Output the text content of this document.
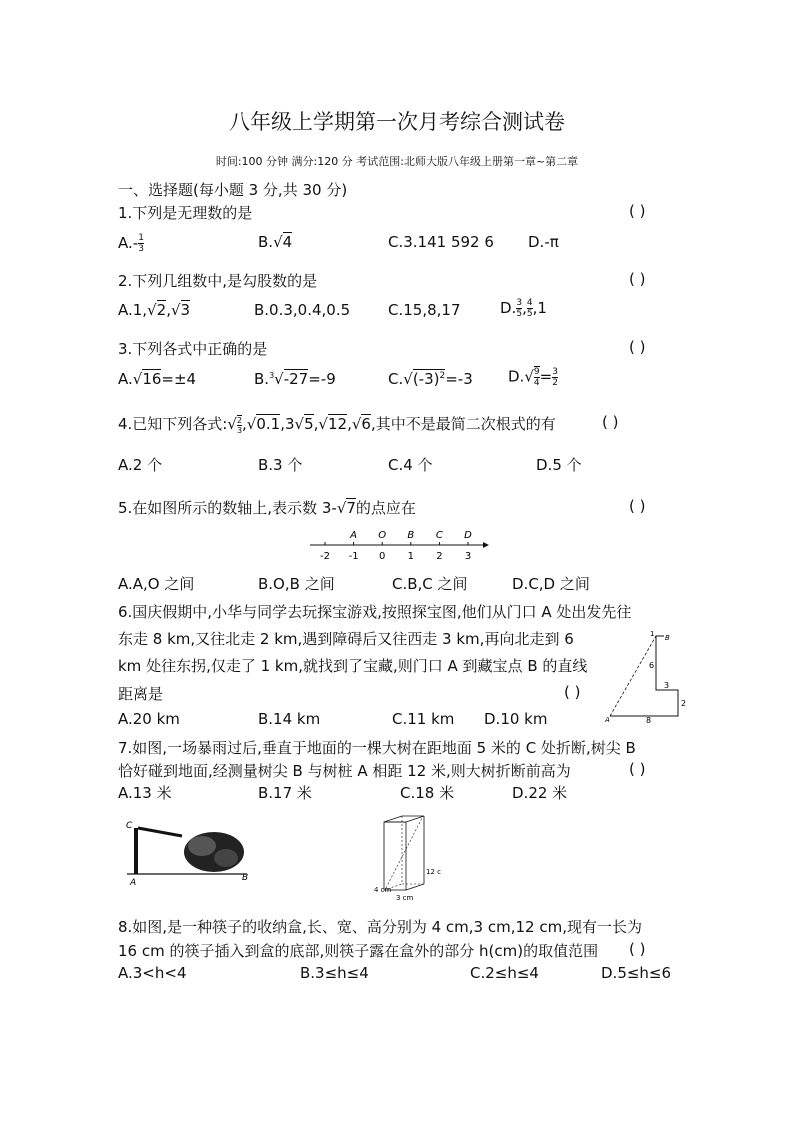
八年级上学期第一次月考综合测试卷
时间:100 分钟 满分:120 分 考试范围:北师大版八年级上册第一章~第二章
一、选择题(每小题 3 分,共 30 分)
1.下列是无理数的是	( )
$A.- \frac{1}{3}$	B.√4	C.3.141 592 6 D.-π
2.下列几组数中,是勾股数的是	( )
A.1,√2,√3	B.0.3,0.4,0.5	C.15,8,17	D. $\frac{3}{5}$ , $\frac{4}{5} ,1$
3.下列各式中正确的是	( )
A.√16=±4	B.$^3$√-27=-9	$C.√(-3)^2=-3$ $D.√ \frac{9}{4} = \frac{3}{2}$
4.已知下列各式:√ $\frac{2}{3} ,√0.1,3√5,√12,√6$,其中不是最简二次根式的有	( )
A.2 个	B.3 个	C.4 个	D.5 个
5.在如图所示的数轴上,表示数 3-√7的点应在	( )
-2 -1 0 1 2 3
A O B C D
A.A,O 之间	B.O,B 之间	C.B,C 之间	D.C,D 之间
6.国庆假期中,小华与同学去玩探宝游戏,按照探宝图,他们从门口 A 处出发先往
东走 8 km,又往北走 2 km,遇到障碍后又往西走 3 km,再向北走到 6
km 处往东拐,仅走了 1 km,就找到了宝藏,则门口 A 到藏宝点 B 的直线
距离是	( )
A.20 km	B.14 km	C.11 km D.10 km
B
A
1
6
3
2
8
7.如图,一场暴雨过后,垂直于地面的一棵大树在距地面 5 米的 C 处折断,树尖 B
恰好碰到地面,经测量树尖 B 与树桩 A 相距 12 米,则大树折断前高为	( )
A.13 米	B.17 米	C.18 米	D.22 米
C
A	B
12 c
4 cm
3 cm
8.如图,是一种筷子的收纳盒,长、宽、高分别为 4 cm,3 cm,12 cm,现有一长为
16 cm 的筷子插入到盒的底部,则筷子露在盒外的部分 h(cm)的取值范围 ( )
A.3<h<4	B.3≤h≤4	C.2≤h≤4	D.5≤h≤6
